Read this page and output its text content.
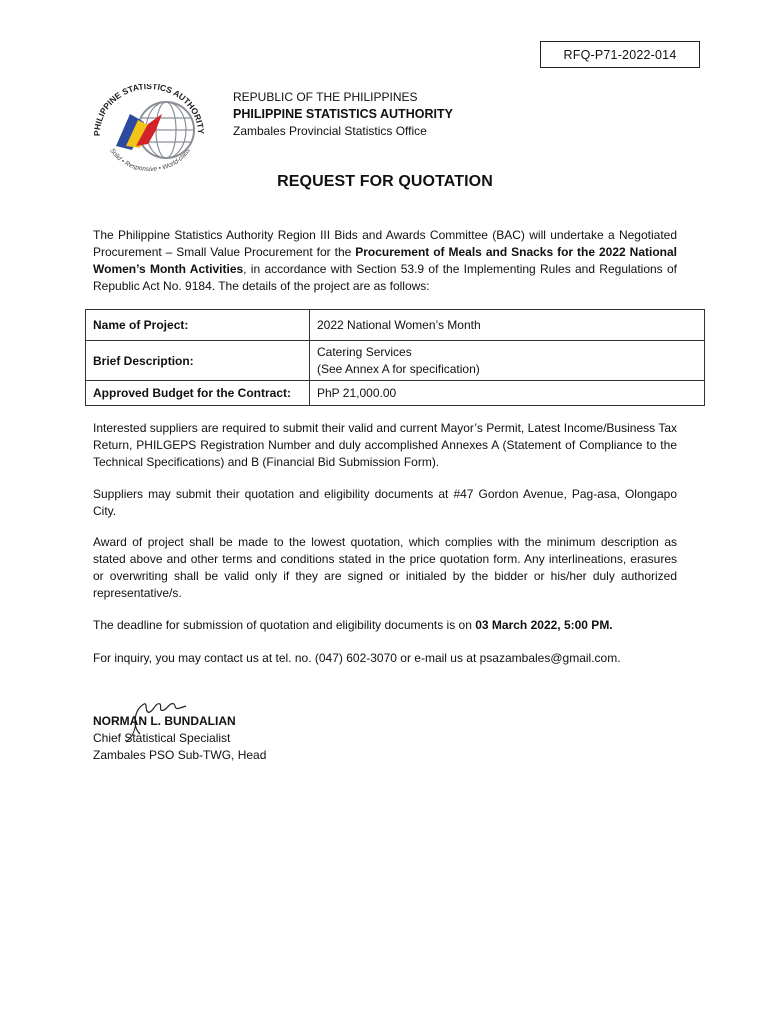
RFQ-P71-2022-014
PHILIPPINE STATISTICS AUTHORITY
Solid • Responsive • World-class
REPUBLIC OF THE PHILIPPINES
PHILIPPINE STATISTICS AUTHORITY
Zambales Provincial Statistics Office
REQUEST FOR QUOTATION
The Philippine Statistics Authority Region III Bids and Awards Committee (BAC) will undertake a Negotiated Procurement – Small Value Procurement for the Procurement of Meals and Snacks for the 2022 National Women’s Month Activities, in accordance with Section 53.9 of the Implementing Rules and Regulations of Republic Act No. 9184. The details of the project are as follows:
Name of Project:	2022 National Women’s Month
Brief Description:	Catering Services
(See Annex A for specification)

Approved Budget for the Contract:	PhP 21,000.00
Interested suppliers are required to submit their valid and current Mayor’s Permit, Latest Income/Business Tax Return, PHILGEPS Registration Number and duly accomplished Annexes A (Statement of Compliance to the Technical Specifications) and B (Financial Bid Submission Form).
Suppliers may submit their quotation and eligibility documents at #47 Gordon Avenue, Pag-asa, Olongapo City.
Award of project shall be made to the lowest quotation, which complies with the minimum description as stated above and other terms and conditions stated in the price quotation form. Any interlineations, erasures or overwriting shall be valid only if they are signed or initialed by the bidder or his/her duly authorized representative/s.
The deadline for submission of quotation and eligibility documents is on 03 March 2022, 5:00 PM.
For inquiry, you may contact us at tel. no. (047) 602-3070 or e-mail us at psazambales@gmail.com.
NORMAN L. BUNDALIAN
Chief Statistical Specialist
Zambales PSO Sub-TWG, Head
